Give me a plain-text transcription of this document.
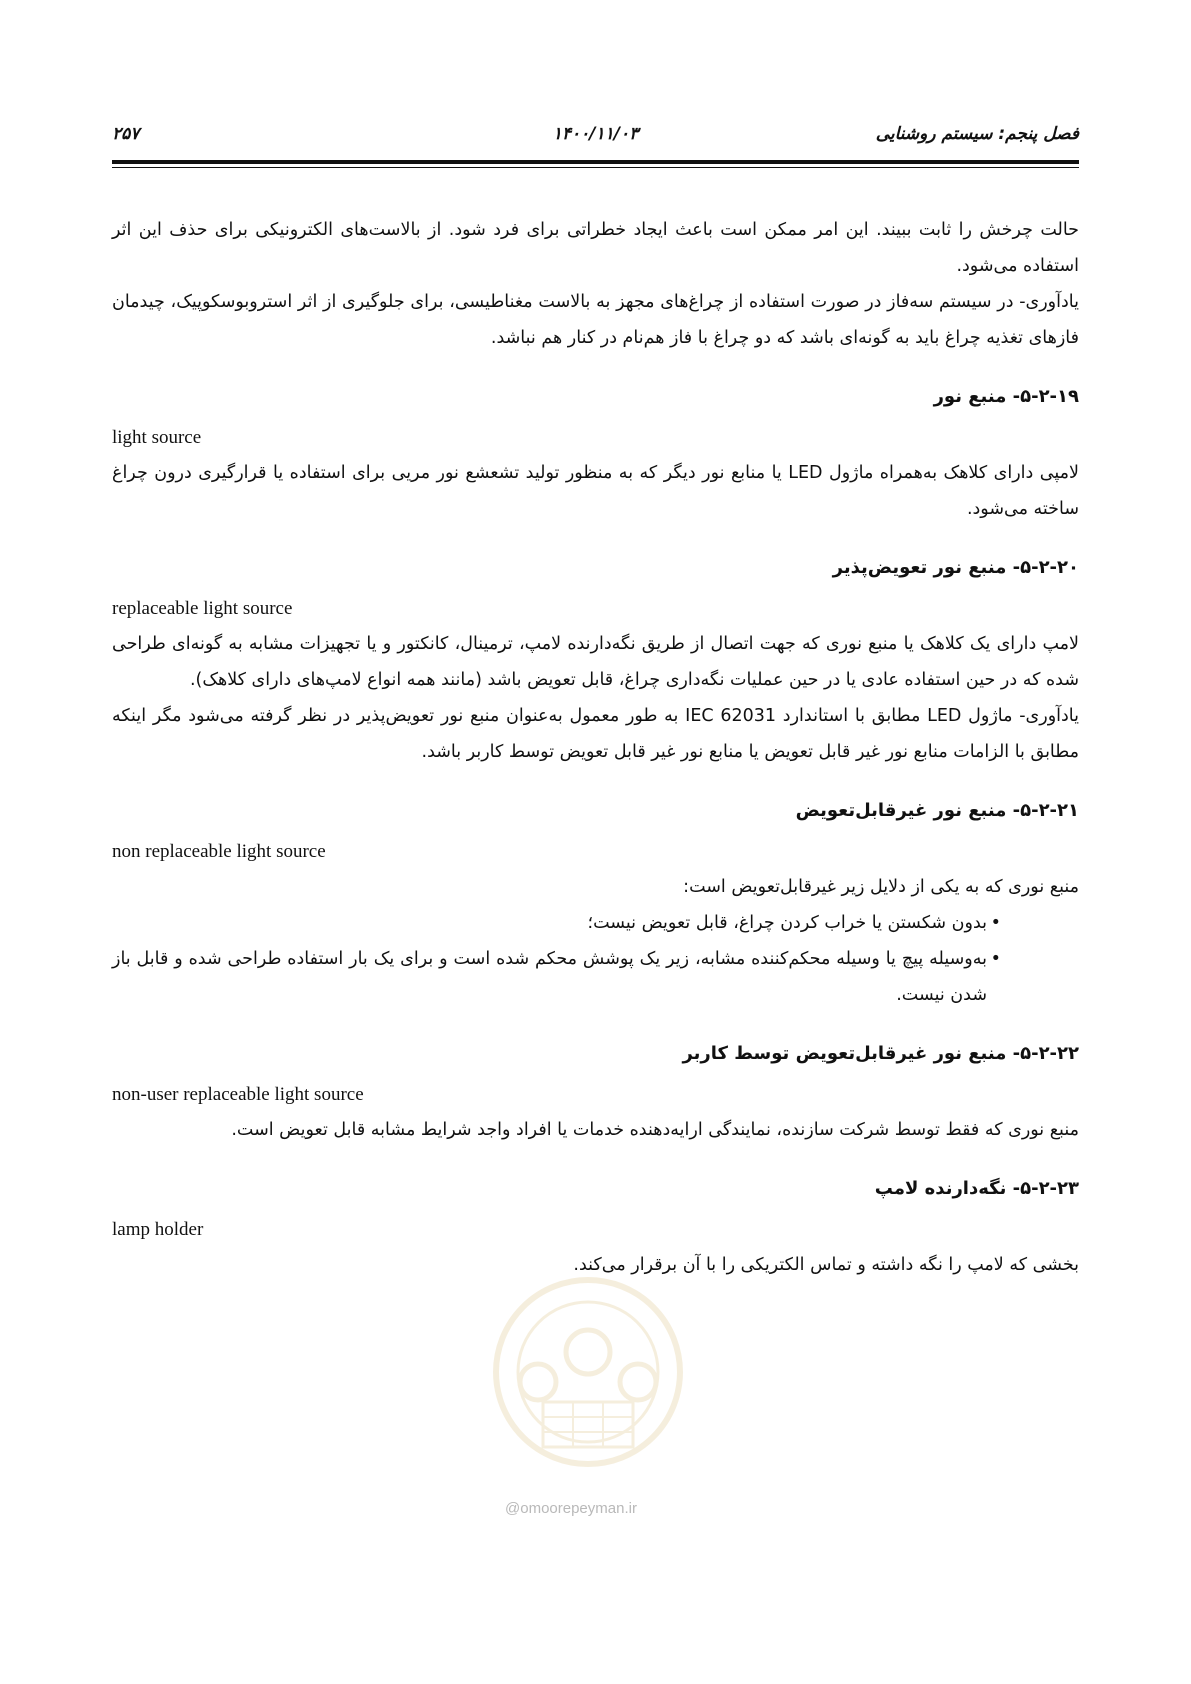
فصل پنجم: سیستم روشنایی
۱۴۰۰/۱۱/۰۳
۲۵۷
@omoorepeyman.ir

حالت چرخش را ثابت ببیند. این امر ممکن است باعث ایجاد خطراتی برای فرد شود. از بالاست‌های الکترونیکی برای حذف این اثر استفاده می‌شود.

یادآوری- در سیستم سه‌فاز در صورت استفاده از چراغ‌های مجهز به بالاست مغناطیسی، برای جلوگیری از اثر استروبوسکوپیک، چیدمان فازهای تغذیه چراغ باید به گونه‌ای باشد که دو چراغ با فاز هم‌نام در کنار هم نباشد.

۵-۲-۱۹- منبع نور

light source

لامپی دارای کلاهک به‌همراه ماژول LED یا منابع نور دیگر که به منظور تولید تشعشع نور مریی برای استفاده یا قرارگیری درون چراغ ساخته می‌شود.

۵-۲-۲۰- منبع نور تعویض‌پذیر

replaceable light source

لامپ دارای یک کلاهک یا منبع نوری که جهت اتصال از طریق نگه‌دارنده لامپ، ترمینال، کانکتور و یا تجهیزات مشابه به گونه‌ای طراحی شده که در حین استفاده عادی یا در حین عملیات نگه‌داری چراغ، قابل تعویض باشد (مانند همه انواع لامپ‌های دارای کلاهک).

یادآوری- ماژول LED مطابق با استاندارد IEC 62031 به طور معمول به‌عنوان منبع نور تعویض‌پذیر در نظر گرفته می‌شود مگر اینکه مطابق با الزامات منابع نور غیر قابل تعویض یا منابع نور غیر قابل تعویض توسط کاربر باشد.

۵-۲-۲۱- منبع نور غیرقابل‌تعویض

non replaceable light source

منبع نوری که به یکی از دلایل زیر غیرقابل‌تعویض است:

•
بدون شکستن یا خراب کردن چراغ، قابل تعویض نیست؛
•
به‌وسیله پیچ یا وسیله محکم‌کننده مشابه، زیر یک پوشش محکم شده است و برای یک بار استفاده طراحی شده و قابل باز شدن نیست.

۵-۲-۲۲- منبع نور غیرقابل‌تعویض توسط کاربر

non-user replaceable light source

منبع نوری که فقط توسط شرکت سازنده، نمایندگی ارایه‌دهنده خدمات یا افراد واجد شرایط مشابه قابل تعویض است.

۵-۲-۲۳- نگه‌دارنده لامپ

lamp holder

بخشی که لامپ را نگه داشته و تماس الکتریکی را با آن برقرار می‌کند.
